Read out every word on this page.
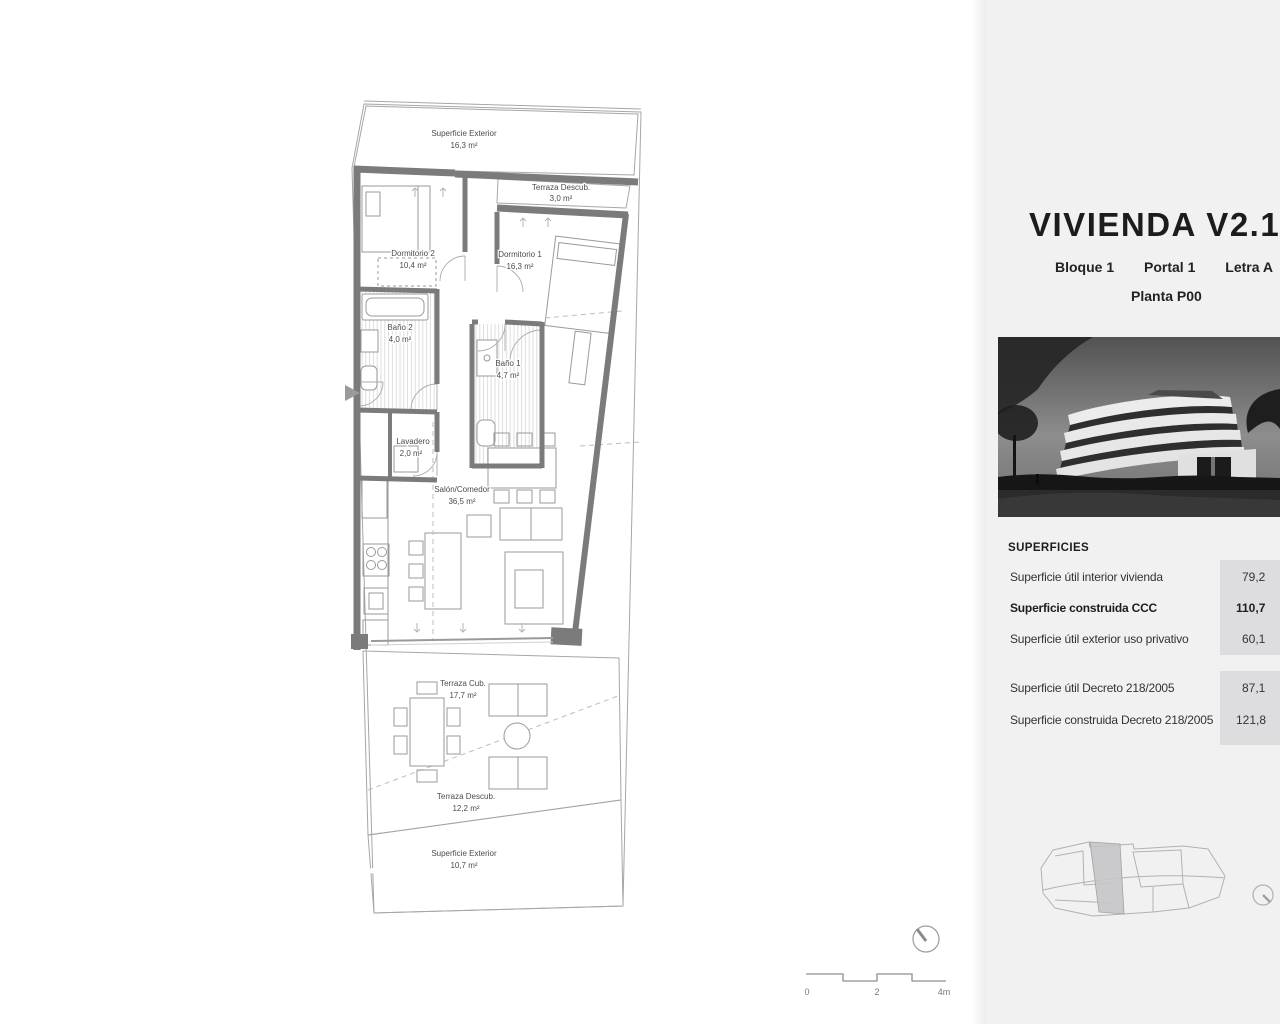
Superficie Exterior
16,3 m²
Terraza Descub.
3,0 m²
Dormitorio 2
10,4 m²
Dormitorio 1
16,3 m²
Baño 2
4,0 m²
Baño 1
4,7 m²
Lavadero
2,0 m²
Salón/Comedor
36,5 m²
Terraza Cub.
17,7 m²
Terraza Descub.
12,2 m²
Superficie Exterior
10,7 m²
0	2	4m
VIVIENDA V2.1
Bloque 1 Portal 1 Letra A
Planta P00
SUPERFICIES
Superficie útil interior vivienda
Superficie construida CCC
Superficie útil exterior uso privativo
Superficie útil Decreto 218/2005
Superficie construida Decreto 218/2005
79,2
110,7
60,1
87,1
121,8
